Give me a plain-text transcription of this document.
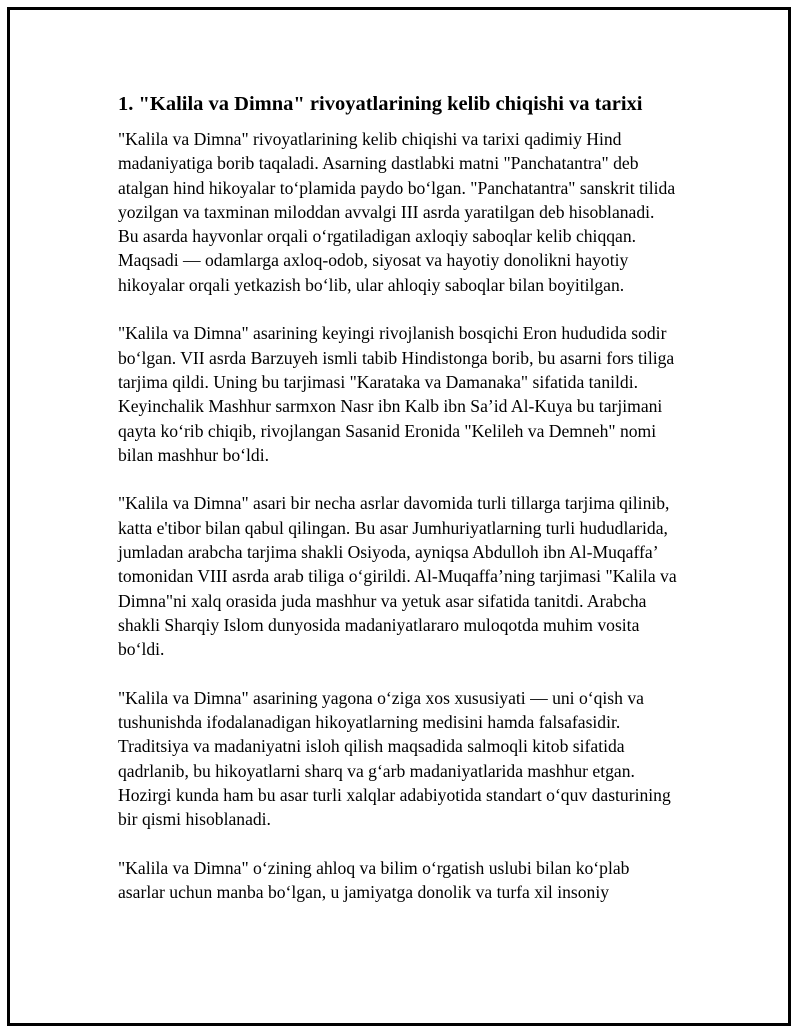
1. "Kalila va Dimna" rivoyatlarining kelib chiqishi va tarixi

"Kalila va Dimna" rivoyatlarining kelib chiqishi va tarixi qadimiy Hind madaniyatiga borib taqaladi. Asarning dastlabki matni "Panchatantra" deb atalgan hind hikoyalar to‘plamida paydo bo‘lgan. "Panchatantra" sanskrit tilida yozilgan va taxminan miloddan avvalgi III asrda yaratilgan deb hisoblanadi. Bu asarda hayvonlar orqali o‘rgatiladigan axloqiy saboqlar kelib chiqqan. Maqsadi — odamlarga axloq-odob, siyosat va hayotiy donolikni hayotiy hikoyalar orqali yetkazish bo‘lib, ular ahloqiy saboqlar bilan boyitilgan.

"Kalila va Dimna" asarining keyingi rivojlanish bosqichi Eron hududida sodir bo‘lgan. VII asrda Barzuyeh ismli tabib Hindistonga borib, bu asarni fors tiliga tarjima qildi. Uning bu tarjimasi "Karataka va Damanaka" sifatida tanildi. Keyinchalik Mashhur sarmxon Nasr ibn Kalb ibn Sa’id Al-Kuya bu tarjimani qayta ko‘rib chiqib, rivojlangan Sasanid Eronida "Kelileh va Demneh" nomi bilan mashhur bo‘ldi.

"Kalila va Dimna" asari bir necha asrlar davomida turli tillarga tarjima qilinib, katta e'tibor bilan qabul qilingan. Bu asar Jumhuriyatlarning turli hududlarida, jumladan arabcha tarjima shakli Osiyoda, ayniqsa Abdulloh ibn Al-Muqaffa’ tomonidan VIII asrda arab tiliga o‘girildi. Al-Muqaffa’ning tarjimasi "Kalila va Dimna"ni xalq orasida juda mashhur va yetuk asar sifatida tanitdi. Arabcha shakli Sharqiy Islom dunyosida madaniyatlararo muloqotda muhim vosita bo‘ldi.

"Kalila va Dimna" asarining yagona o‘ziga xos xususiyati — uni o‘qish va tushunishda ifodalanadigan hikoyatlarning medisini hamda falsafasidir. Traditsiya va madaniyatni isloh qilish maqsadida salmoqli kitob sifatida qadrlanib, bu hikoyatlarni sharq va g‘arb madaniyatlarida mashhur etgan. Hozirgi kunda ham bu asar turli xalqlar adabiyotida standart o‘quv dasturining bir qismi hisoblanadi.

"Kalila va Dimna" o‘zining ahloq va bilim o‘rgatish uslubi bilan ko‘plab asarlar uchun manba bo‘lgan, u jamiyatga donolik va turfa xil insoniy
